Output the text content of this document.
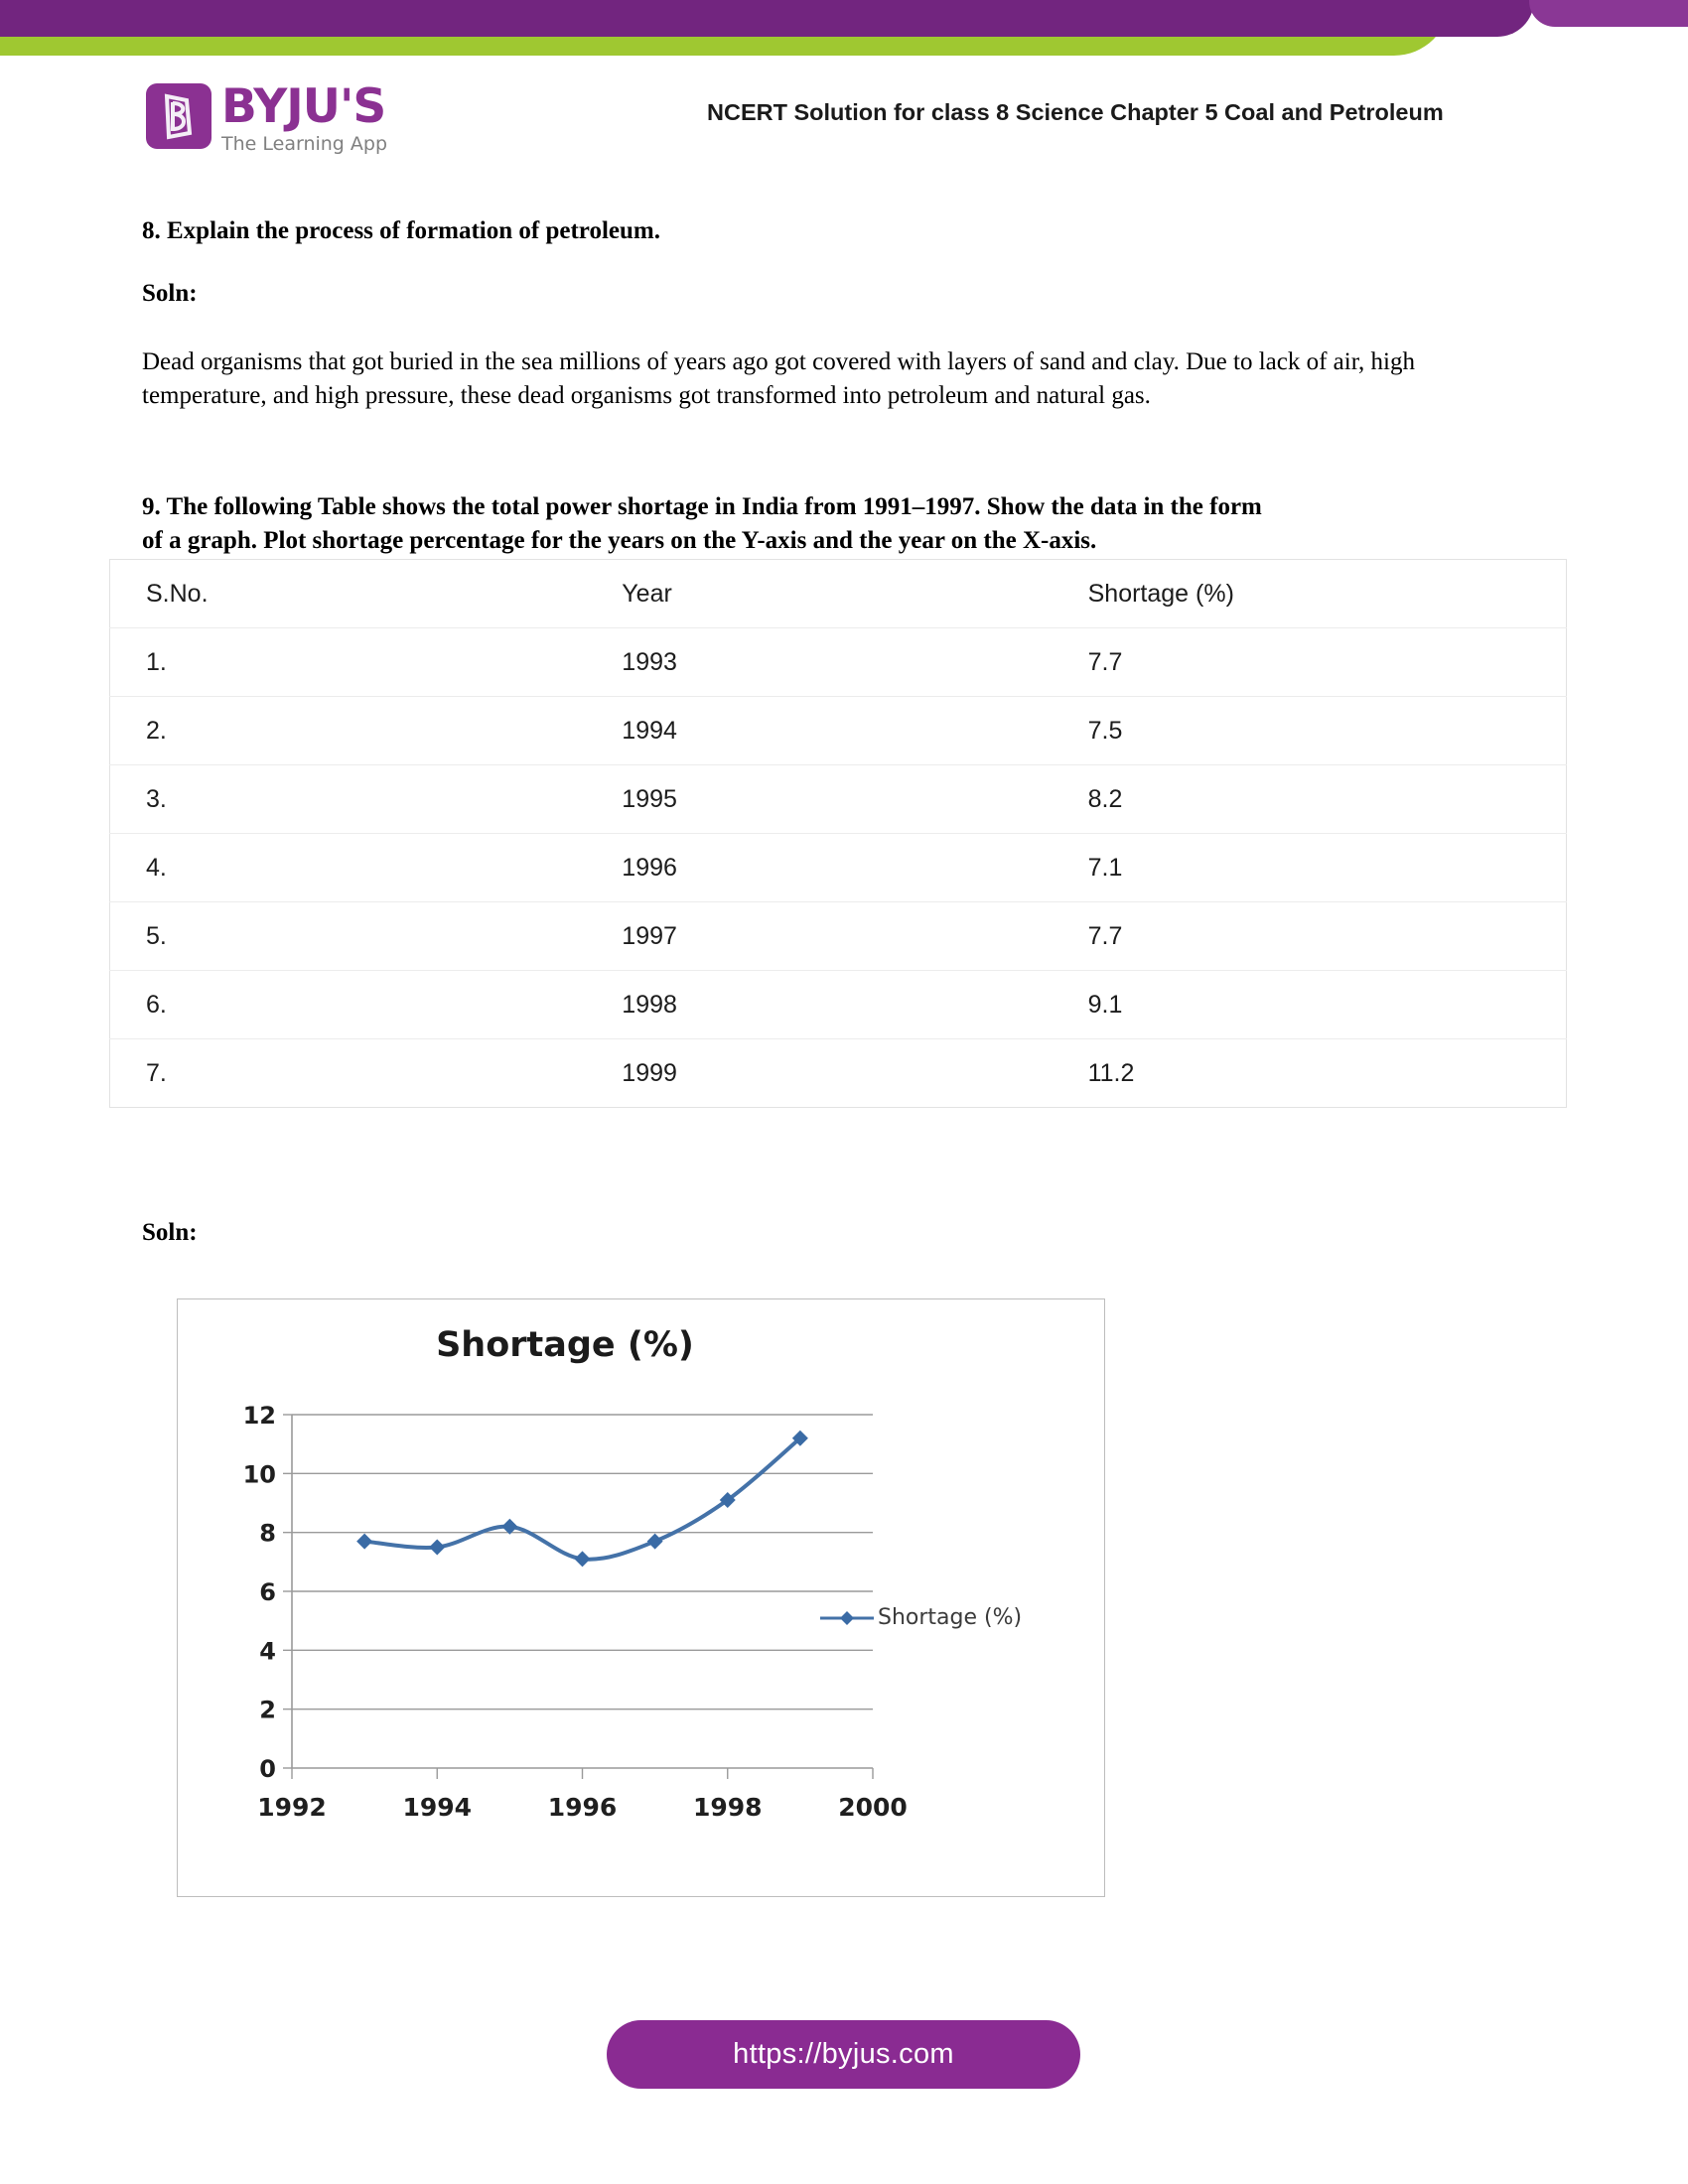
BYJU'S
The Learning App
NCERT Solution for class 8 Science Chapter 5 Coal and Petroleum
8. Explain the process of formation of petroleum.
Soln:
Dead organisms that got buried in the sea millions of years ago got covered with layers of sand and clay. Due to lack of air, high temperature, and high pressure, these dead organisms got transformed into petroleum and natural gas.
9. The following Table shows the total power shortage in India from 1991–1997. Show the data in the form
of a graph. Plot shortage percentage for the years on the Y-axis and the year on the X-axis.
Soln:
S.No.	Year	Shortage (%)
1.	1993	7.7
2.	1994	7.5
3.	1995	8.2
4.	1996	7.1
5.	1997	7.7
6.	1998	9.1
7.	1999	11.2
Shortage (%)
0
2
4
6
8
10
12
1992	1994	1996	1998	2000
Shortage (%)
https://byjus.com
